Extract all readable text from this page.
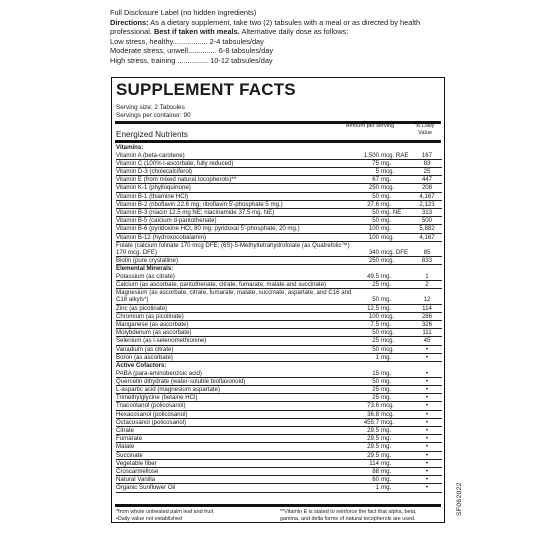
Full Disclosure Label (no hidden ingredients)
Directions: As a dietary supplement, take two (2) tabsules with a meal or as directed by health professional. Best if taken with meals. Alternative daily dose as follows:
Low stress, healthy................. 2-4 tabsules/day
Moderate stress, unwell.............. 6-8 tabsules/day
High stress, training ............... 10-12 tabsules/day
SUPPLEMENT FACTS
Serving size: 2 Tabsules
Servings per container: 90
Energized Nutrients
Amount per serving	% Daily Value
Vitamins:
Vitamin A (beta-carotene)	1,500 mcg. RAE	167
Vitamin C (100% l-ascorbate, fully reduced)	75 mg.	83
Vitamin D-3 (cholecalciferol)	5 mcg.	25
Vitamin E (from mixed natural tocopherols)**	67 mg.	447
Vitamin K-1 (phylloquinone)	250 mcg.	208
Vitamin B-1 (thiamine HCl)	50 mg.	4,167
Vitamin B-2 (riboflavin 22.6 mg; riboflavin 5'-phosphate 5 mg.)	27.6 mg.	2,123
Vitamin B-3 (niacin 12.5 mg NE; niacinamide 37.5 mg. NE)	50 mg. NE	313
Vitamin B-5 (calcium d-pantothenate)	50 mg.	500
Vitamin B-6 (pyridoxine HCl, 80 mg; pyridoxal 5'-phosphate, 20 mg.)	100 mg.	5,882
Vitamin B-12 (hydroxocobalamin)	100 mcg.	4,167
Folate (calcium folinate 170 mcg DFE; (6S)-5-Methyltetrahydrofolate (as Quatrefolic™) 170 mcg. DFE)	340 mcg. DFE	85
Biotin (pure crystalline)	250 mcg.	833
Elemental Minerals:
Potassium (as citrate)	49.5 mg.	1
Calcium (as ascorbate, pantothenate, citrate, fumarate, malate and succinate)	25 mg.	2
Magnesium (as ascorbate, citrate, fumarate, malate, succinate, aspartate, and C16 and C18 alkyls*)	50 mg.	12
Zinc (as picolinate)	12.5 mg.	114
Chromium (as picolinate)	100 mcg.	286
Manganese (as ascorbate)	7.5 mg.	326
Molybdenum (as ascorbate)	50 mcg.	111
Selenium (as l-selenomethionine)	25 mcg.	45
Vanadium (as citrate)	50 mcg.	•
Boron (as ascorbate)	1 mg.	•
Active Cofactors:
PABA (para-aminobenzoic acid)	15 mg.	•
Quercetin dihydrate (water-soluble bioflavonoid)	50 mg.	•
L-aspartic acid (magnesium aspartate)	25 mg.	•
Trimethylglycine (betaine HCl)	25 mg.	•
Triacontanol (policosanol)	73.6 mcg.	•
Hexacosanol (policosanol)	36.8 mcg.	•
Octacosanol (policosanol)	455.7 mcg.	•
Citrate	29.5 mg.	•
Fumarate	29.5 mg.	•
Malate	29.5 mg.	•
Succinate	29.5 mg.	•
Vegetable fiber	114 mg.	•
Croscarmellose	88 mg.	•
Natural Vanilla	60 mg.	•
Organic Sunflower Oil	1 mg.	•
*from whole untreated palm leaf and fruit
•Daily value not established
**Vitamin E is stated to reinforce the fact that alpha, beta,
gamma, and delta forms of natural tocopherols are used.
SF062022
